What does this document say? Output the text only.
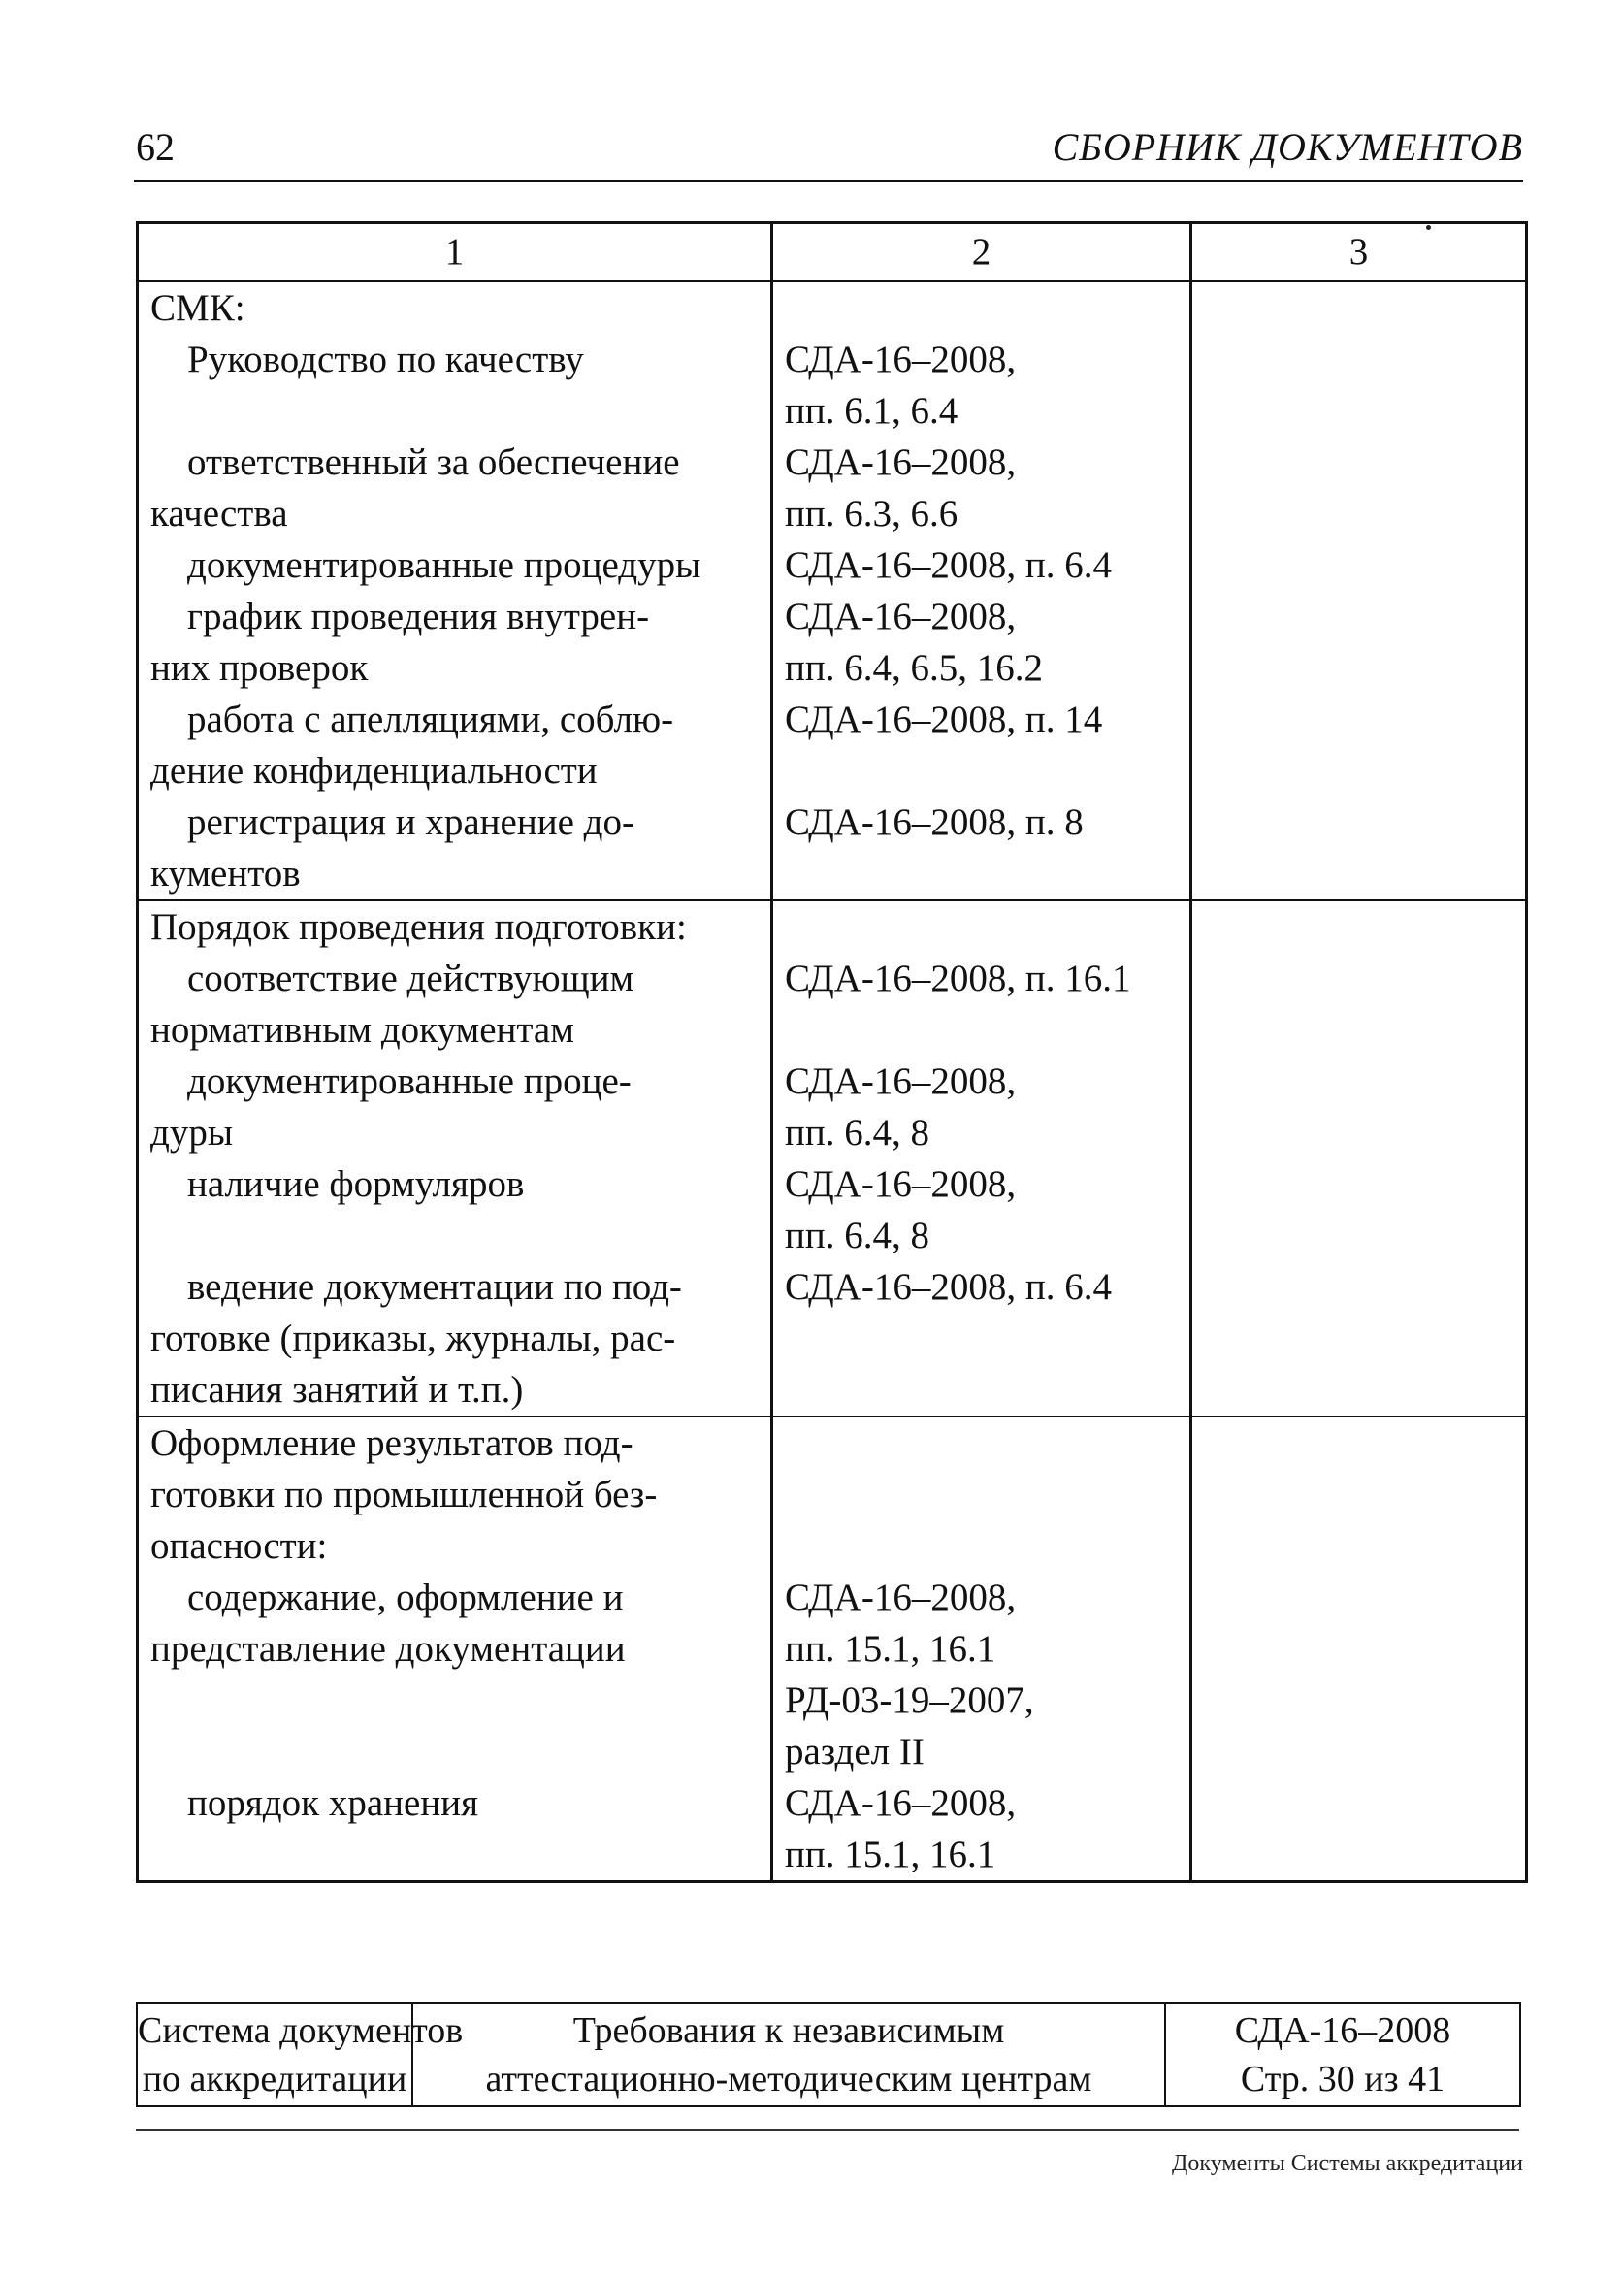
62	СБОРНИК ДОКУМЕНТОВ
1	2	3

СМК:		

Руководство по качеству	СДА-16–2008,
пп. 6.1, 6.4	

ответственный за обеспечение
качества	СДА-16–2008,
пп. 6.3, 6.6	

документированные процедуры	СДА-16–2008, п. 6.4	

график проведения внутрен-
них проверок	СДА-16–2008,
пп. 6.4, 6.5, 16.2	

работа с апелляциями, соблю-
дение конфиденциальности	СДА-16–2008, п. 14	

регистрация и хранение до-
кументов	СДА-16–2008, п. 8	

Порядок проведения подготовки:		

соответствие действующим
нормативным документам	СДА-16–2008, п. 16.1	

документированные проце-
дуры	СДА-16–2008,
пп. 6.4, 8	

наличие формуляров	СДА-16–2008,
пп. 6.4, 8	

ведение документации по под-
готовке (приказы, журналы, рас-
писания занятий и т.п.)	СДА-16–2008, п. 6.4	

Оформление результатов под-
готовки по промышленной без-
опасности:		

содержание, оформление и
представление документации	СДА-16–2008,
пп. 15.1, 16.1
РД-03-19–2007,
раздел II	

порядок хранения	СДА-16–2008,
пп. 15.1, 16.1	

Система документов
по аккредитации

Требования к независимым
аттестационно-методическим центрам

СДА-16–2008
Стр. 30 из 41
Документы Системы аккредитации
